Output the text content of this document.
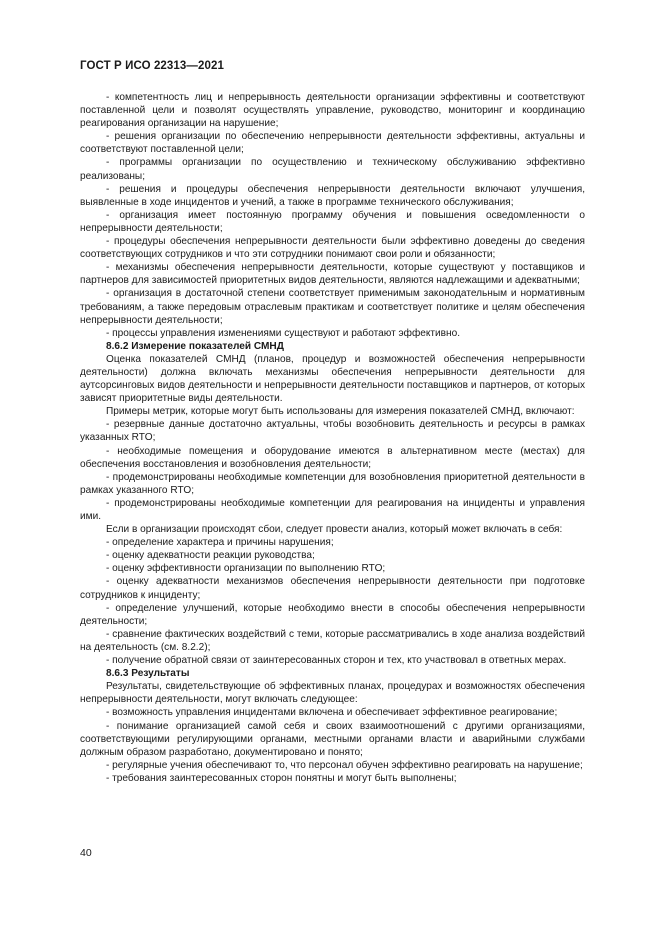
ГОСТ Р ИСО 22313—2021

- компетентность лиц и непрерывность деятельности организации эффективны и соответствуют поставленной цели и позволят осуществлять управление, руководство, мониторинг и координацию реагирования организации на нарушение;

- решения организации по обеспечению непрерывности деятельности эффективны, актуальны и соответствуют поставленной цели;

- программы организации по осуществлению и техническому обслуживанию эффективно реализованы;

- решения и процедуры обеспечения непрерывности деятельности включают улучшения, выявленные в ходе инцидентов и учений, а также в программе технического обслуживания;

- организация имеет постоянную программу обучения и повышения осведомленности о непрерывности деятельности;

- процедуры обеспечения непрерывности деятельности были эффективно доведены до сведения соответствующих сотрудников и что эти сотрудники понимают свои роли и обязанности;

- механизмы обеспечения непрерывности деятельности, которые существуют у поставщиков и партнеров для зависимостей приоритетных видов деятельности, являются надлежащими и адекватными;

- организация в достаточной степени соответствует применимым законодательным и нормативным требованиям, а также передовым отраслевым практикам и соответствует политике и целям обеспечения непрерывности деятельности;

- процессы управления изменениями существуют и работают эффективно.

8.6.2 Измерение показателей СМНД

Оценка показателей СМНД (планов, процедур и возможностей обеспечения непрерывности деятельности) должна включать механизмы обеспечения непрерывности деятельности для аутсорсинговых видов деятельности и непрерывности деятельности поставщиков и партнеров, от которых зависят приоритетные виды деятельности.

Примеры метрик, которые могут быть использованы для измерения показателей СМНД, включают:

- резервные данные достаточно актуальны, чтобы возобновить деятельность и ресурсы в рамках указанных RTO;

- необходимые помещения и оборудование имеются в альтернативном месте (местах) для обеспечения восстановления и возобновления деятельности;

- продемонстрированы необходимые компетенции для возобновления приоритетной деятельности в рамках указанного RTO;

- продемонстрированы необходимые компетенции для реагирования на инциденты и управления ими.

Если в организации происходят сбои, следует провести анализ, который может включать в себя:

- определение характера и причины нарушения;

- оценку адекватности реакции руководства;

- оценку эффективности организации по выполнению RTO;

- оценку адекватности механизмов обеспечения непрерывности деятельности при подготовке сотрудников к инциденту;

- определение улучшений, которые необходимо внести в способы обеспечения непрерывности деятельности;

- сравнение фактических воздействий с теми, которые рассматривались в ходе анализа воздействий на деятельность (см. 8.2.2);

- получение обратной связи от заинтересованных сторон и тех, кто участвовал в ответных мерах.

8.6.3 Результаты

Результаты, свидетельствующие об эффективных планах, процедурах и возможностях обеспечения непрерывности деятельности, могут включать следующее:

- возможность управления инцидентами включена и обеспечивает эффективное реагирование;

- понимание организацией самой себя и своих взаимоотношений с другими организациями, соответствующими регулирующими органами, местными органами власти и аварийными службами должным образом разработано, документировано и понято;

- регулярные учения обеспечивают то, что персонал обучен эффективно реагировать на нарушение;

- требования заинтересованных сторон понятны и могут быть выполнены;

40
